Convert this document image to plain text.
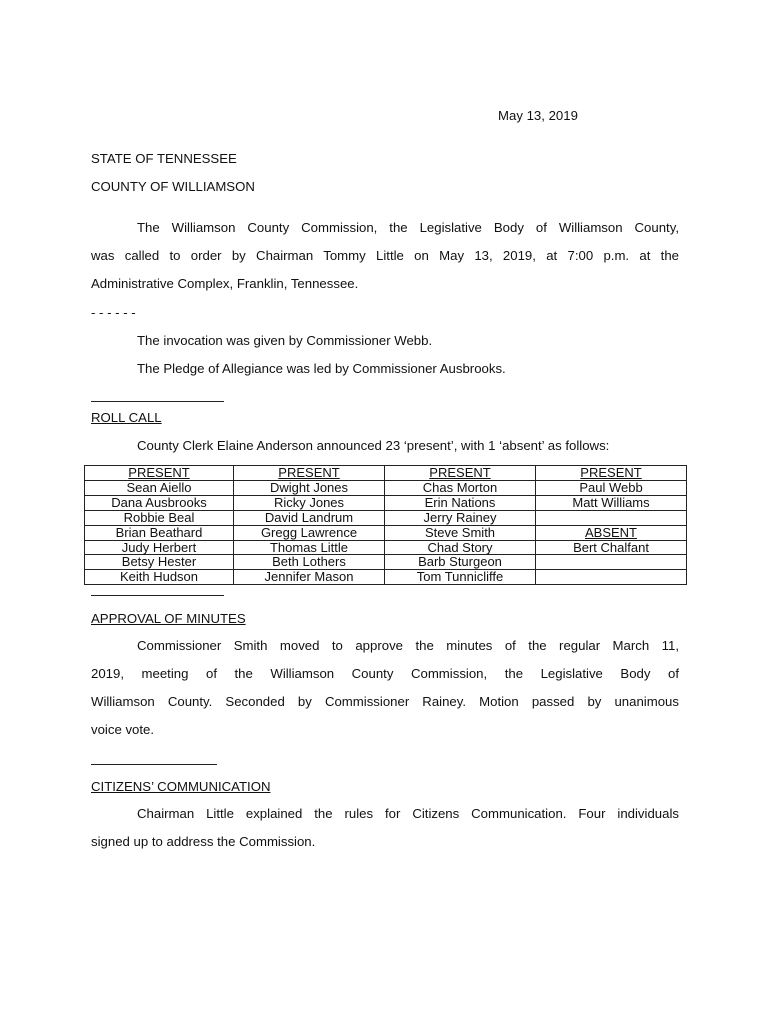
May 13, 2019
STATE OF TENNESSEE
COUNTY OF WILLIAMSON

The Williamson County Commission, the Legislative Body of Williamson County,

was called to order by Chairman Tommy Little on May 13, 2019, at 7:00 p.m. at the

Administrative Complex, Franklin, Tennessee.

- - - - - -
The invocation was given by Commissioner Webb.
The Pledge of Allegiance was led by Commissioner Ausbrooks.
ROLL CALL
County Clerk Elaine Anderson announced 23 ‘present’, with 1 ‘absent’ as follows:
PRESENT	PRESENT	PRESENT	PRESENT
Sean Aiello	Dwight Jones	Chas Morton	Paul Webb
Dana Ausbrooks	Ricky Jones	Erin Nations	Matt Williams
Robbie Beal	David Landrum	Jerry Rainey	
Brian Beathard	Gregg Lawrence	Steve Smith	ABSENT
Judy Herbert	Thomas Little	Chad Story	Bert Chalfant
Betsy Hester	Beth Lothers	Barb Sturgeon	
Keith Hudson	Jennifer Mason	Tom Tunnicliffe	
APPROVAL OF MINUTES

Commissioner Smith moved to approve the minutes of the regular March 11,

2019, meeting of the Williamson County Commission, the Legislative Body of

Williamson County. Seconded by Commissioner Rainey. Motion passed by unanimous

voice vote.

CITIZENS’ COMMUNICATION

Chairman Little explained the rules for Citizens Communication. Four individuals

signed up to address the Commission.
